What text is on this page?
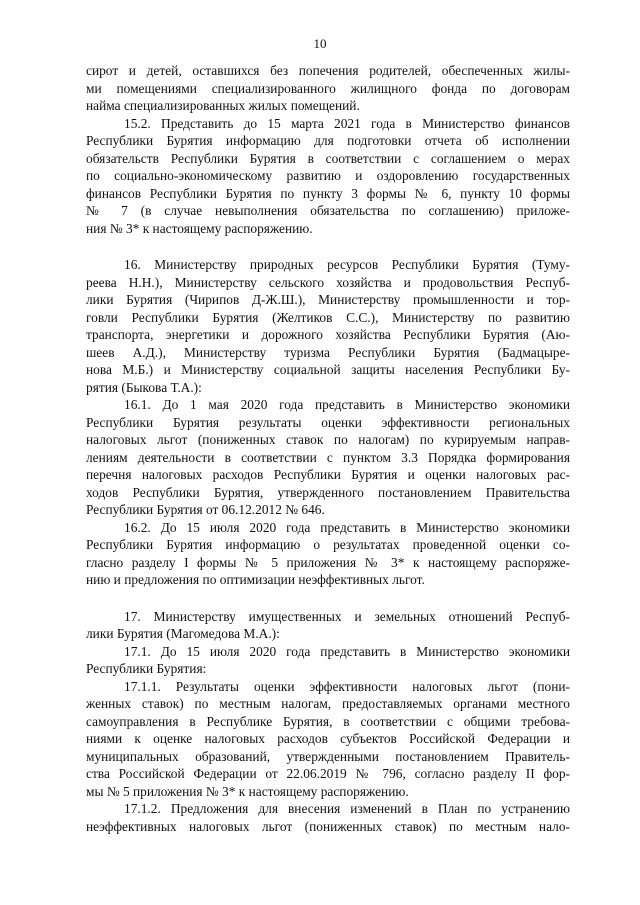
10

сирот и детей, оставшихся без попечения родителей, обеспеченных жилы-
ми помещениями специализированного жилищного фонда по договорам
найма специализированных жилых помещений.

15.2. Представить до 15 марта 2021 года в Министерство финансов
Республики Бурятия информацию для подготовки отчета об исполнении
обязательств Республики Бурятия в соответствии с соглашением о мерах
по социально-экономическому развитию и оздоровлению государственных
финансов Республики Бурятия по пункту 3 формы № 6, пункту 10 формы
№ 7 (в случае невыполнения обязательства по соглашению) приложе-
ния № 3* к настоящему распоряжению.

16. Министерству природных ресурсов Республики Бурятия (Туму-
реева Н.Н.), Министерству сельского хозяйства и продовольствия Респуб-
лики Бурятия (Чирипов Д-Ж.Ш.), Министерству промышленности и тор-
говли Республики Бурятия (Желтиков С.С.), Министерству по развитию
транспорта, энергетики и дорожного хозяйства Республики Бурятия (Аю-
шеев А.Д.), Министерству туризма Республики Бурятия (Бадмацыре-
нова М.Б.) и Министерству социальной защиты населения Республики Бу-
рятия (Быкова Т.А.):

16.1. До 1 мая 2020 года представить в Министерство экономики
Республики Бурятия результаты оценки эффективности региональных
налоговых льгот (пониженных ставок по налогам) по курируемым направ-
лениям деятельности в соответствии с пунктом 3.3 Порядка формирования
перечня налоговых расходов Республики Бурятия и оценки налоговых рас-
ходов Республики Бурятия, утвержденного постановлением Правительства
Республики Бурятия от 06.12.2012 № 646.

16.2. До 15 июля 2020 года представить в Министерство экономики
Республики Бурятия информацию о результатах проведенной оценки со-
гласно разделу I формы № 5 приложения № 3* к настоящему распоряже-
нию и предложения по оптимизации неэффективных льгот.

17. Министерству имущественных и земельных отношений Респуб-
лики Бурятия (Магомедова М.А.):

17.1. До 15 июля 2020 года представить в Министерство экономики
Республики Бурятия:

17.1.1. Результаты оценки эффективности налоговых льгот (пони-
женных ставок) по местным налогам, предоставляемых органами местного
самоуправления в Республике Бурятия, в соответствии с общими требова-
ниями к оценке налоговых расходов субъектов Российской Федерации и
муниципальных образований, утвержденными постановлением Правитель-
ства Российской Федерации от 22.06.2019 № 796, согласно разделу II фор-
мы № 5 приложения № 3* к настоящему распоряжению.

17.1.2. Предложения для внесения изменений в План по устранению
неэффективных налоговых льгот (пониженных ставок) по местным нало-
